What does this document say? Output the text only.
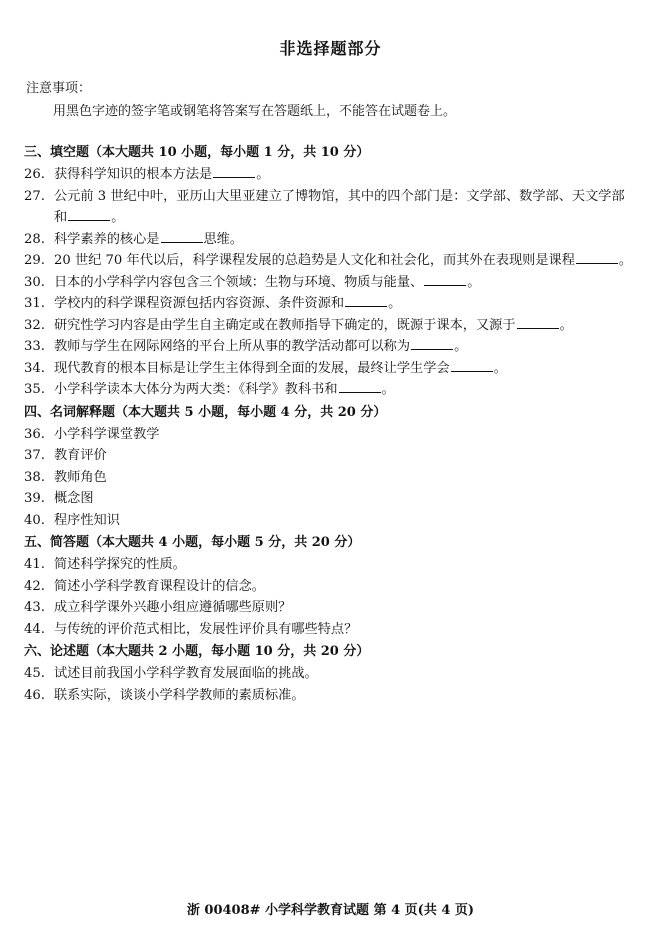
非选择题部分
注意事项：
用黑色字迹的签字笔或钢笔将答案写在答题纸上，不能答在试题卷上。
三、填空题（本大题共 10 小题，每小题 1 分，共 10 分）
26. 获得科学知识的根本方法是	。
27. 公元前 3 世纪中叶，亚历山大里亚建立了博物馆，其中的四个部门是：文学部、数学部、天文学部和	。
28. 科学素养的核心是	思维。
29. 20 世纪 70 年代以后，科学课程发展的总趋势是人文化和社会化，而其外在表现则是课程	。
30. 日本的小学科学内容包含三个领域：生物与环境、物质与能量、	。
31. 学校内的科学课程资源包括内容资源、条件资源和	。
32. 研究性学习内容是由学生自主确定或在教师指导下确定的，既源于课本，又源于	。
33. 教师与学生在网际网络的平台上所从事的教学活动都可以称为	。
34. 现代教育的根本目标是让学生主体得到全面的发展，最终让学生学会	。
35. 小学科学读本大体分为两大类：《科学》教科书和	。
四、名词解释题（本大题共 5 小题，每小题 4 分，共 20 分）
36. 小学科学课堂教学
37. 教育评价
38. 教师角色
39. 概念图
40. 程序性知识
五、简答题（本大题共 4 小题，每小题 5 分，共 20 分）
41. 简述科学探究的性质。
42. 简述小学科学教育课程设计的信念。
43. 成立科学课外兴趣小组应遵循哪些原则？
44. 与传统的评价范式相比，发展性评价具有哪些特点？
六、论述题（本大题共 2 小题，每小题 10 分，共 20 分）
45. 试述目前我国小学科学教育发展面临的挑战。
46. 联系实际，谈谈小学科学教师的素质标准。
浙 00408# 小学科学教育试题 第 4 页(共 4 页)
